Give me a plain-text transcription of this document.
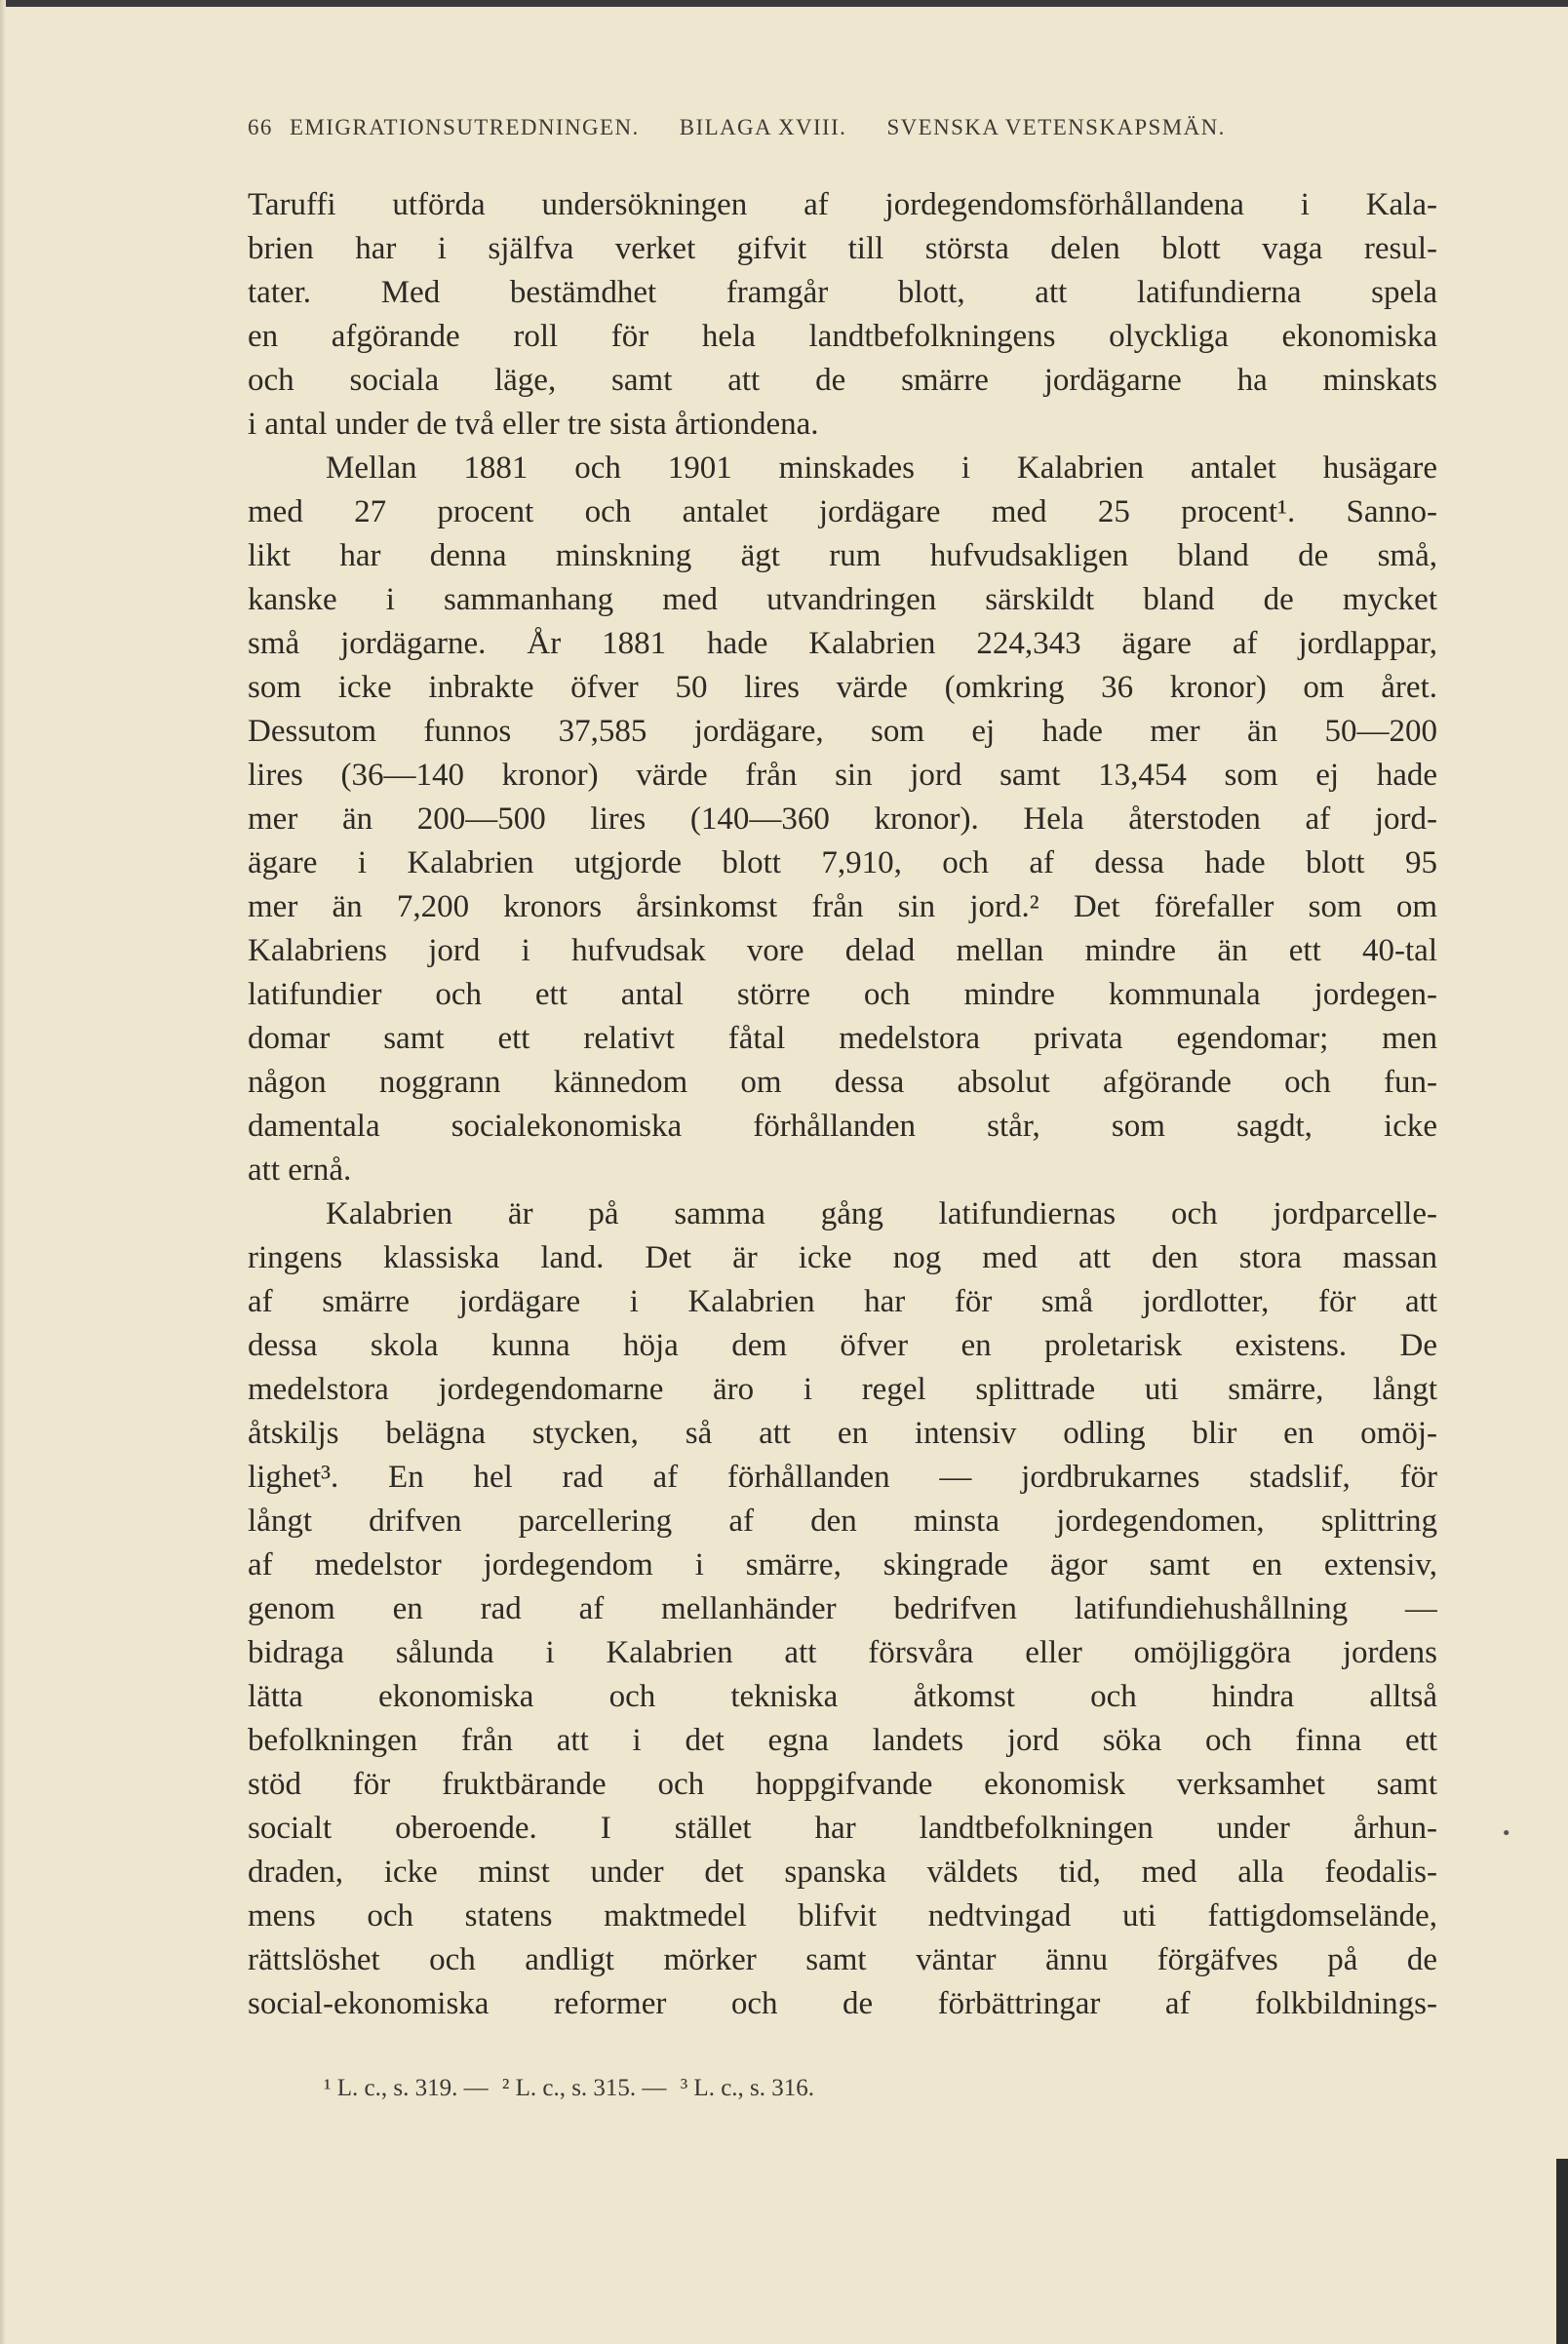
66 EMIGRATIONSUTREDNINGEN. BILAGA XVIII. SVENSKA VETENSKAPSMÄN.
Taruffi utförda undersökningen af jordegendomsförhållandena i Kala-
brien har i själfva verket gifvit till största delen blott vaga resul-
tater. Med bestämdhet framgår blott, att latifundierna spela
en afgörande roll för hela landtbefolkningens olyckliga ekonomiska
och sociala läge, samt att de smärre jordägarne ha minskats
i antal under de två eller tre sista årtiondena.
Mellan 1881 och 1901 minskades i Kalabrien antalet husägare
med 27 procent och antalet jordägare med 25 procent¹. Sanno-
likt har denna minskning ägt rum hufvudsakligen bland de små,
kanske i sammanhang med utvandringen särskildt bland de mycket
små jordägarne. År 1881 hade Kalabrien 224,343 ägare af jordlappar,
som icke inbrakte öfver 50 lires värde (omkring 36 kronor) om året.
Dessutom funnos 37,585 jordägare, som ej hade mer än 50—200
lires (36—140 kronor) värde från sin jord samt 13,454 som ej hade
mer än 200—500 lires (140—360 kronor). Hela återstoden af jord-
ägare i Kalabrien utgjorde blott 7,910, och af dessa hade blott 95
mer än 7,200 kronors årsinkomst från sin jord.² Det förefaller som om
Kalabriens jord i hufvudsak vore delad mellan mindre än ett 40-tal
latifundier och ett antal större och mindre kommunala jordegen-
domar samt ett relativt fåtal medelstora privata egendomar; men
någon noggrann kännedom om dessa absolut afgörande och fun-
damentala socialekonomiska förhållanden står, som sagdt, icke
att ernå.
Kalabrien är på samma gång latifundiernas och jordparcelle-
ringens klassiska land. Det är icke nog med att den stora massan
af smärre jordägare i Kalabrien har för små jordlotter, för att
dessa skola kunna höja dem öfver en proletarisk existens. De
medelstora jordegendomarne äro i regel splittrade uti smärre, långt
åtskiljs belägna stycken, så att en intensiv odling blir en omöj-
lighet³. En hel rad af förhållanden — jordbrukarnes stadslif, för
långt drifven parcellering af den minsta jordegendomen, splittring
af medelstor jordegendom i smärre, skingrade ägor samt en extensiv,
genom en rad af mellanhänder bedrifven latifundiehushållning —
bidraga sålunda i Kalabrien att försvåra eller omöjliggöra jordens
lätta ekonomiska och tekniska åtkomst och hindra alltså
befolkningen från att i det egna landets jord söka och finna ett
stöd för fruktbärande och hoppgifvande ekonomisk verksamhet samt
socialt oberoende. I stället har landtbefolkningen under århun-
draden, icke minst under det spanska väldets tid, med alla feodalis-
mens och statens maktmedel blifvit nedtvingad uti fattigdomselände,
rättslöshet och andligt mörker samt väntar ännu förgäfves på de
social-ekonomiska reformer och de förbättringar af folkbildnings-
¹ L. c., s. 319. — ² L. c., s. 315. — ³ L. c., s. 316.
•
